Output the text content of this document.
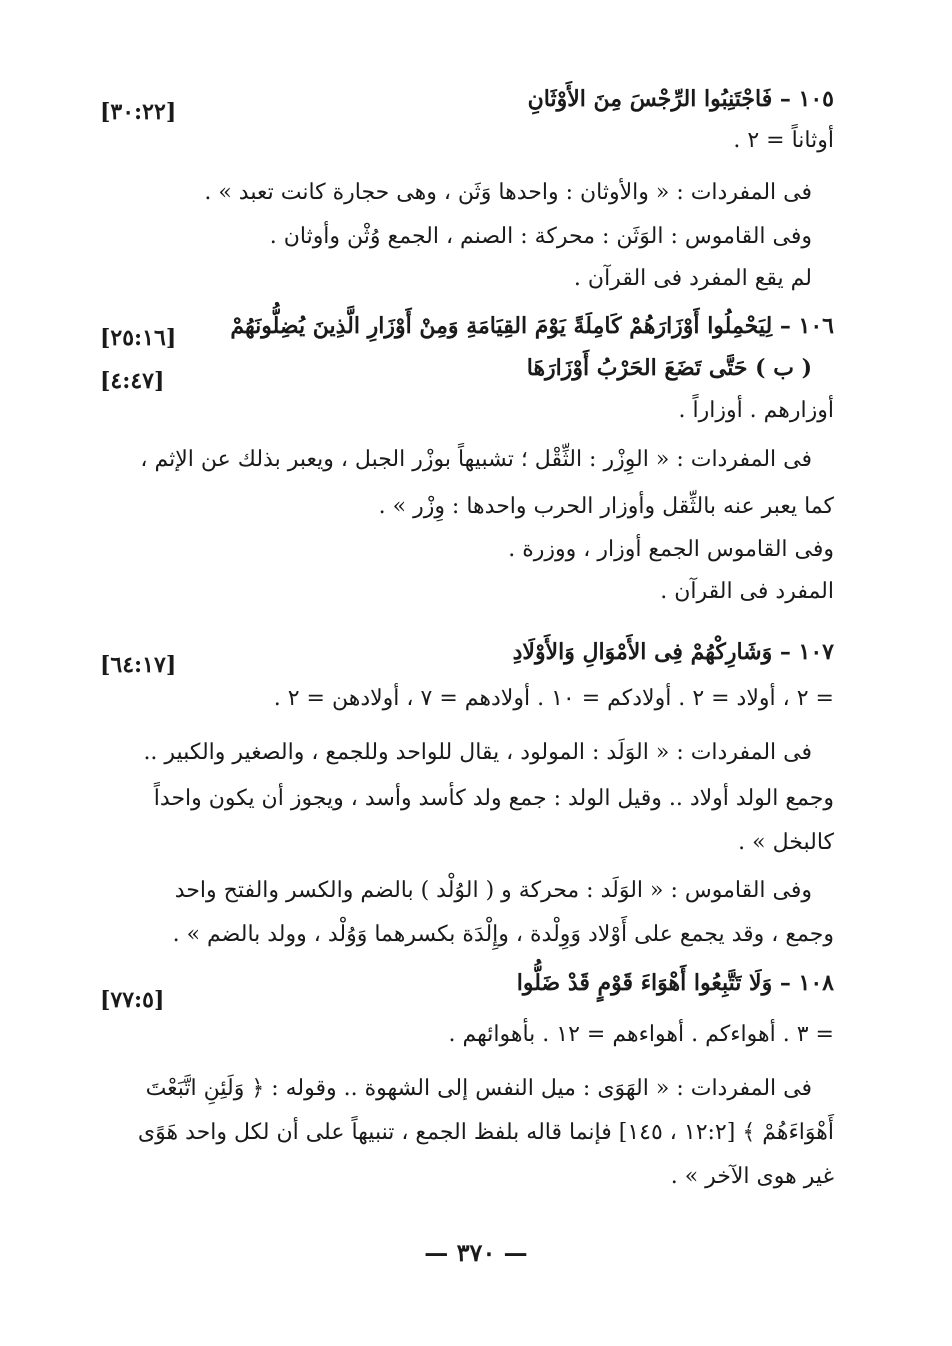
١٠٥ – فَاجْتَنِبُوا الرِّجْسَ مِنَ الأَوْثَانِ
[٣٠:٢٢]
أوثاناً = ٢ .
فى المفردات : « والأوثان : واحدها وَثَن ، وهى حجارة كانت تعبد » .
وفى القاموس : الوَثَن : محركة : الصنم ، الجمع وُثْن وأوثان .
لم يقع المفرد فى القرآن .
١٠٦ – لِيَحْمِلُوا أَوْزَارَهُمْ كَامِلَةً يَوْمَ القِيَامَةِ وَمِنْ أَوْزَارِ الَّذِينَ يُضِلُّونَهُمْ
[٢٥:١٦]
( ب ) حَتَّى تَضَعَ الحَرْبُ أَوْزَارَهَا
[٤:٤٧]
أوزارهم . أوزاراً .
فى المفردات : « الوِزْر : الثِّقْل ؛ تشبيهاً بوزْر الجبل ، ويعبر بذلك عن الإثم ،
كما يعبر عنه بالثِّقل وأوزار الحرب واحدها : وِزْر » .
وفى القاموس الجمع أوزار ، ووزرة .
المفرد فى القرآن .
١٠٧ – وَشَارِكْهُمْ فِى الأَمْوَالِ وَالأَوْلَادِ
[٦٤:١٧]
= ٢ ، أولاد = ٢ . أولادكم = ١٠ . أولادهم = ٧ ، أولادهن = ٢ .
فى المفردات : « الوَلَد : المولود ، يقال للواحد وللجمع ، والصغير والكبير ..
وجمع الولد أولاد .. وقيل الولد : جمع ولد كأسد وأسد ، ويجوز أن يكون واحداً
كالبخل » .
وفى القاموس : « الوَلَد : محركة و ( الوُلْد ) بالضم والكسر والفتح واحد
وجمع ، وقد يجمع على أَوْلاد وَوِلْدة ، وإِلْدَة بكسرهما وَوُلْد ، وولد بالضم » .
١٠٨ – وَلَا تَتَّبِعُوا أَهْوَاءَ قَوْمٍ قَدْ ضَلُّوا
[٧٧:٥]
= ٣ . أهواءكم . أهواءهم = ١٢ . بأهوائهم .
فى المفردات : « الهَوَى : ميل النفس إلى الشهوة .. وقوله : ﴿ وَلَئِنِ اتَّبَعْتَ
أَهْوَاءَهُمْ ﴾ [١٢:٢ ، ١٤٥] فإنما قاله بلفظ الجمع ، تنبيهاً على أن لكل واحد هَوًى
غير هوى الآخر » .
— ٣٧٠ —
